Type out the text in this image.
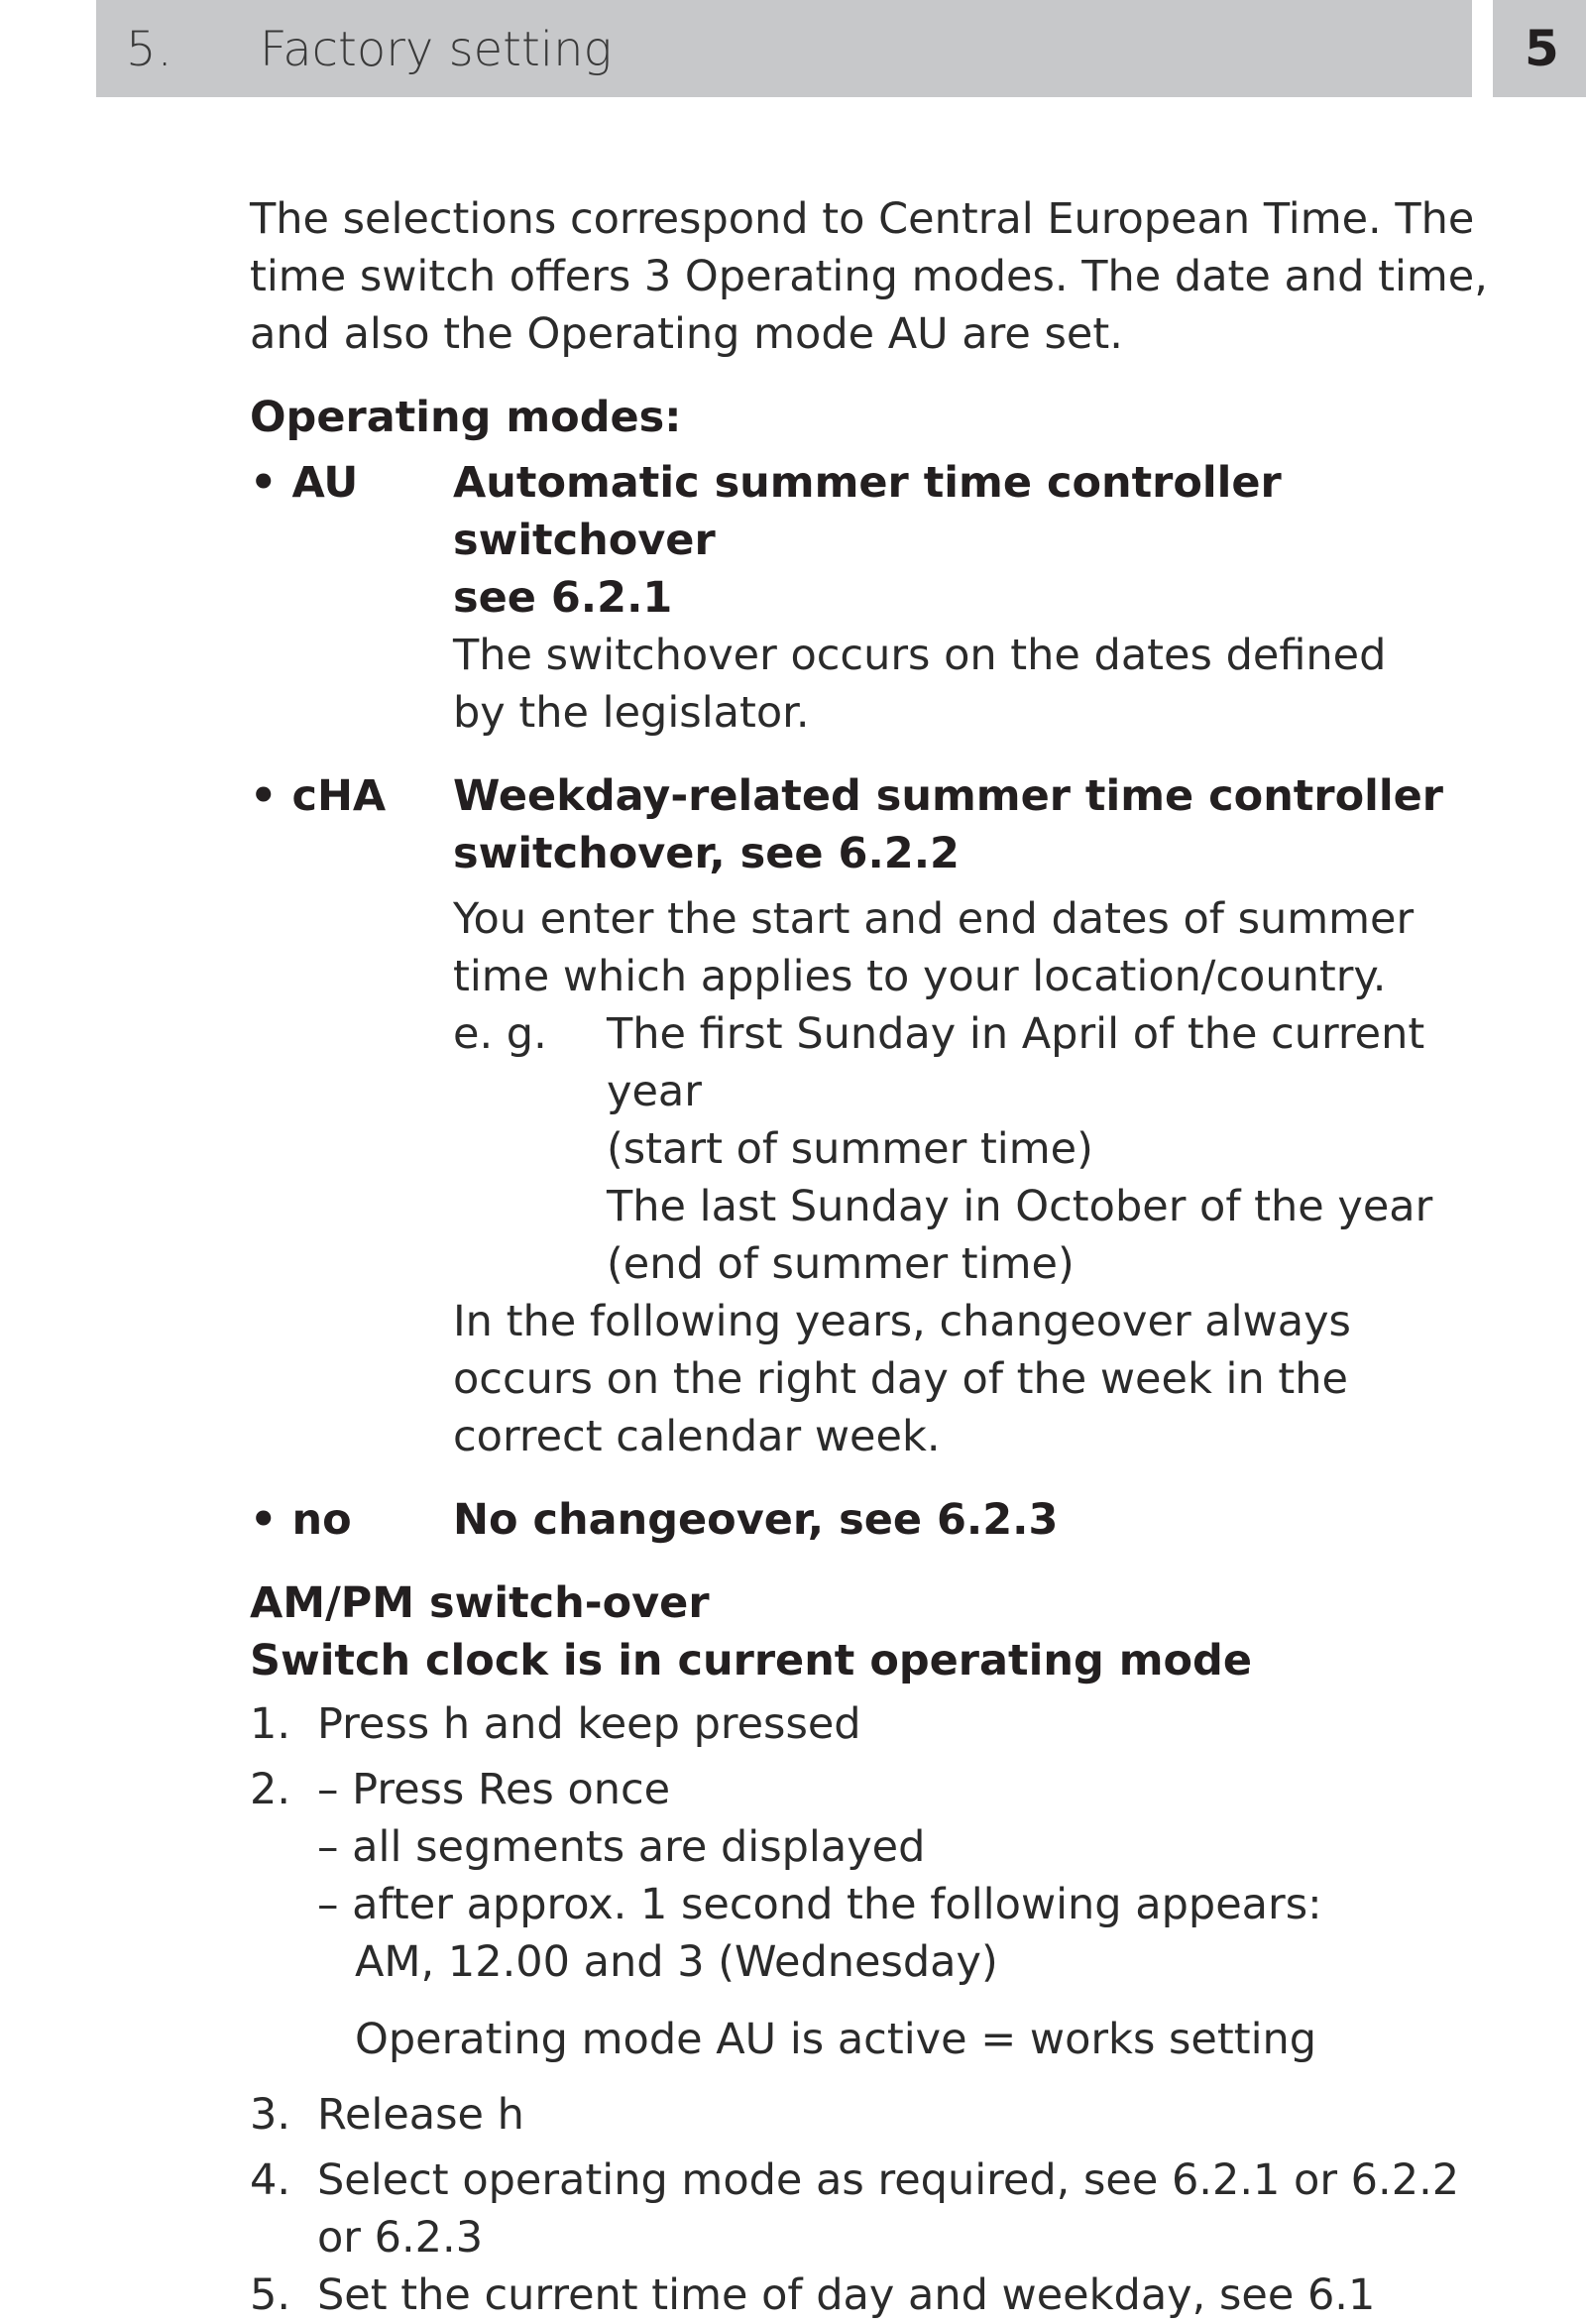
5. Factory setting	5

The selections correspond to Central European Time. The time switch offers 3 Operating modes. The date and time, and also the Operating mode AU are set.

Operating modes:

• AU	Automatic summer time controller switchover

see 6.2.1

The switchover occurs on the dates defined by the legislator.

• cHA	Weekday-related summer time controller

switchover, see 6.2.2

You enter the start and end dates of summer time which applies to your location/country.

e. g.	The first Sunday in April of the current year

(start of summer time)

The last Sunday in October of the year

(end of summer time)

In the following years, changeover always occurs on the right day of the week in the correct calendar week.

• no	No changeover, see 6.2.3

AM/PM switch-over

Switch clock is in current operating mode

1. Press h and keep pressed
2. – Press Res once

– all segments are displayed

– after approx. 1 second the following appears:

AM, 12.00 and 3 (Wednesday)

Operating mode AU is active = works setting

3. Release h
4. Select operating mode as required, see 6.2.1 or 6.2.2 or 6.2.3
5. Set the current time of day and weekday, see 6.1
